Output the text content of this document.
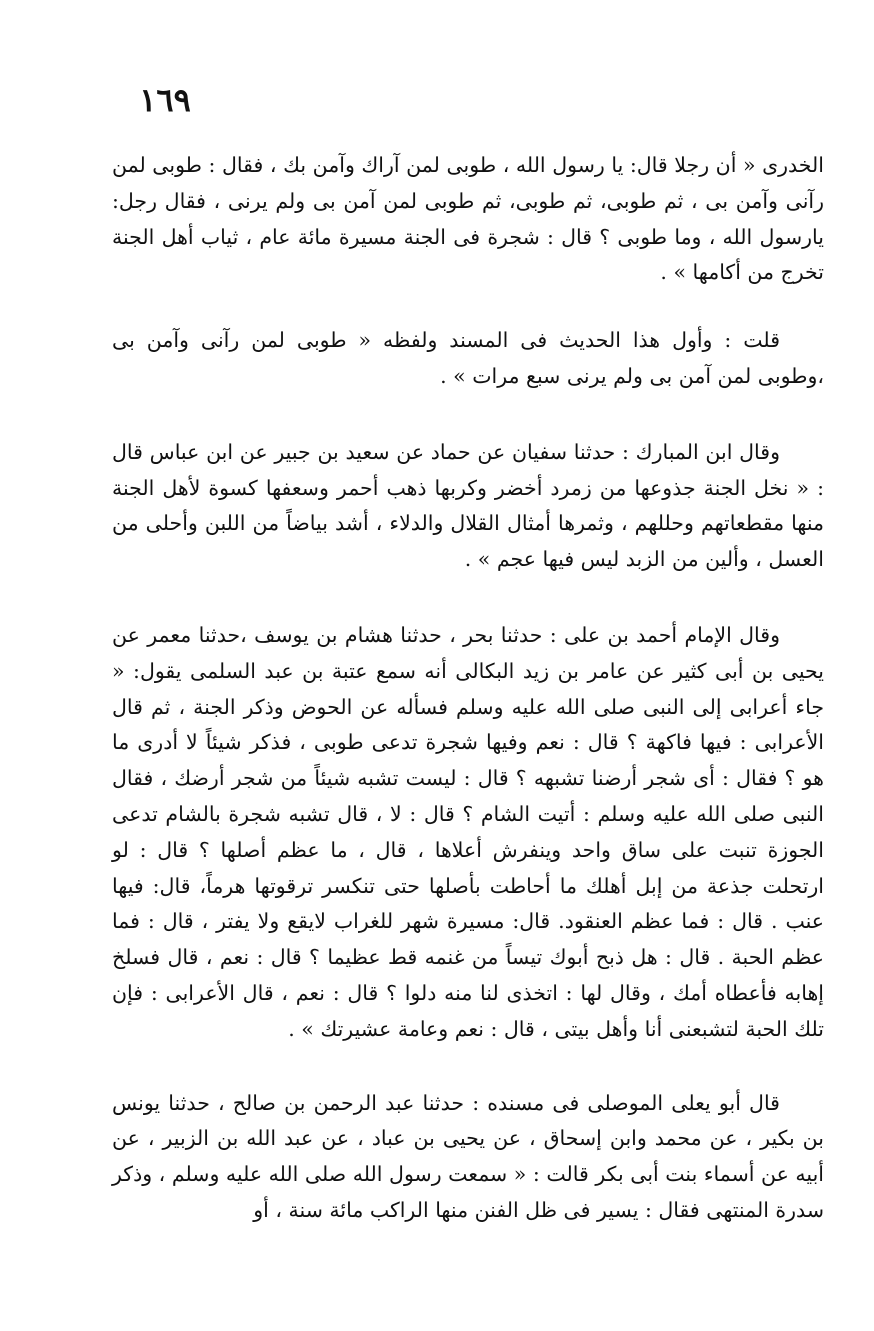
١٦٩

الخدرى « أن رجلا قال: يا رسول الله ، طوبى لمن آراك وآمن بك ، فقال : طوبى لمن رآنى وآمن بى ، ثم طوبى، ثم طوبى، ثم طوبى لمن آمن بى ولم يرنى ، فقال رجل: يارسول الله ، وما طوبى ؟ قال : شجرة فى الجنة مسيرة مائة عام ، ثياب أهل الجنة تخرج من أكامها » .

قلت : وأول هذا الحديث فى المسند ولفظه « طوبى لمن رآنى وآمن بى ،وطوبى لمن آمن بى ولم يرنى سبع مرات » .

وقال ابن المبارك : حدثنا سفيان عن حماد عن سعيد بن جبير عن ابن عباس قال : « نخل الجنة جذوعها من زمرد أخضر وكربها ذهب أحمر وسعفها كسوة لأهل الجنة منها مقطعاتهم وحللهم ، وثمرها أمثال القلال والدلاء ، أشد بياضاً من اللبن وأحلى من العسل ، وألين من الزبد ليس فيها عجم » .

وقال الإمام أحمد بن على : حدثنا بحر ، حدثنا هشام بن يوسف ،حدثنا معمر عن يحيى بن أبى كثير عن عامر بن زيد البكالى أنه سمع عتبة بن عبد السلمى يقول: « جاء أعرابى إلى النبى صلى الله عليه وسلم فسأله عن الحوض وذكر الجنة ، ثم قال الأعرابى : فيها فاكهة ؟ قال : نعم وفيها شجرة تدعى طوبى ، فذكر شيئاً لا أدرى ما هو ؟ فقال : أى شجر أرضنا تشبهه ؟ قال : ليست تشبه شيئاً من شجر أرضك ، فقال النبى صلى الله عليه وسلم : أتيت الشام ؟ قال : لا ، قال تشبه شجرة بالشام تدعى الجوزة تنبت على ساق واحد وينفرش أعلاها ، قال ، ما عظم أصلها ؟ قال : لو ارتحلت جذعة من إبل أهلك ما أحاطت بأصلها حتى تنكسر ترقوتها هرماً، قال: فيها عنب . قال : فما عظم العنقود. قال: مسيرة شهر للغراب لايقع ولا يفتر ، قال : فما عظم الحبة . قال : هل ذبح أبوك تيساً من غنمه قط عظيما ؟ قال : نعم ، قال فسلخ إهابه فأعطاه أمك ، وقال لها : اتخذى لنا منه دلوا ؟ قال : نعم ، قال الأعرابى : فإن تلك الحبة لتشبعنى أنا وأهل بيتى ، قال : نعم وعامة عشيرتك » .

قال أبو يعلى الموصلى فى مسنده : حدثنا عبد الرحمن بن صالح ، حدثنا يونس بن بكير ، عن محمد وابن إسحاق ، عن يحيى بن عباد ، عن عبد الله بن الزبير ، عن أبيه عن أسماء بنت أبى بكر قالت : « سمعت رسول الله صلى الله عليه وسلم ، وذكر سدرة المنتهى فقال : يسير فى ظل الفنن منها الراكب مائة سنة ، أو
